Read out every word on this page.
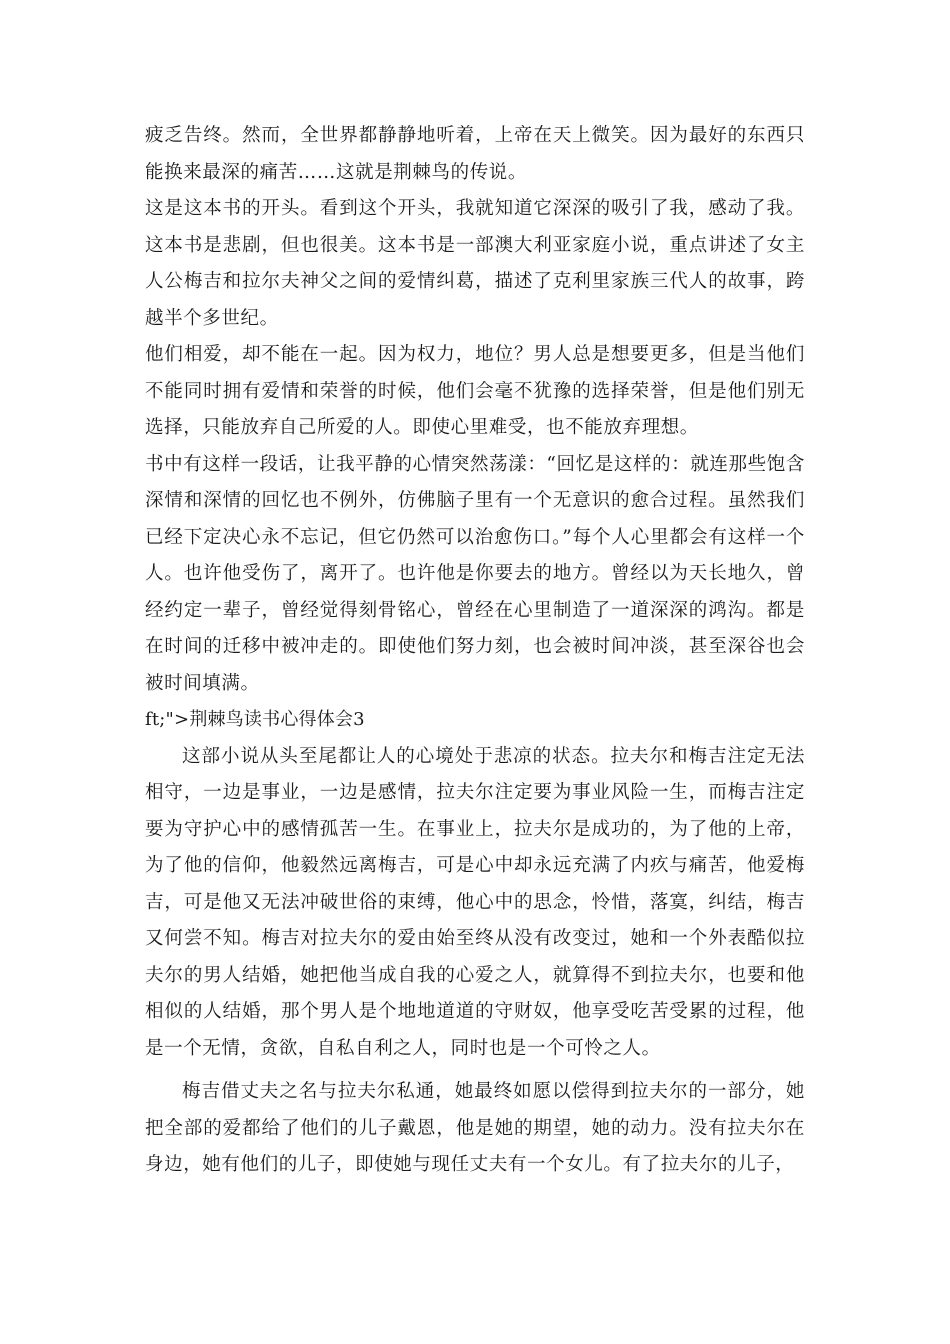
疲乏告终。然而，全世界都静静地听着，上帝在天上微笑。因为最好的东西只能换来最深的痛苦……这就是荆棘鸟的传说。

这是这本书的开头。看到这个开头，我就知道它深深的吸引了我，感动了我。这本书是悲剧，但也很美。这本书是一部澳大利亚家庭小说，重点讲述了女主人公梅吉和拉尔夫神父之间的爱情纠葛，描述了克利里家族三代人的故事，跨越半个多世纪。

他们相爱，却不能在一起。因为权力，地位？男人总是想要更多，但是当他们不能同时拥有爱情和荣誉的时候，他们会毫不犹豫的选择荣誉，但是他们别无选择，只能放弃自己所爱的人。即使心里难受，也不能放弃理想。

书中有这样一段话，让我平静的心情突然荡漾：“回忆是这样的：就连那些饱含深情和深情的回忆也不例外，仿佛脑子里有一个无意识的愈合过程。虽然我们已经下定决心永不忘记，但它仍然可以治愈伤口。”每个人心里都会有这样一个人。也许他受伤了，离开了。也许他是你要去的地方。曾经以为天长地久，曾经约定一辈子，曾经觉得刻骨铭心，曾经在心里制造了一道深深的鸿沟。都是在时间的迁移中被冲走的。即使他们努力刻，也会被时间冲淡，甚至深谷也会被时间填满。

ft;">荆棘鸟读书心得体会3

这部小说从头至尾都让人的心境处于悲凉的状态。拉夫尔和梅吉注定无法相守，一边是事业，一边是感情，拉夫尔注定要为事业风险一生，而梅吉注定要为守护心中的感情孤苦一生。在事业上，拉夫尔是成功的，为了他的上帝，为了他的信仰，他毅然远离梅吉，可是心中却永远充满了内疚与痛苦，他爱梅吉，可是他又无法冲破世俗的束缚，他心中的思念，怜惜，落寞，纠结，梅吉又何尝不知。梅吉对拉夫尔的爱由始至终从没有改变过，她和一个外表酷似拉夫尔的男人结婚，她把他当成自我的心爱之人，就算得不到拉夫尔，也要和他相似的人结婚，那个男人是个地地道道的守财奴，他享受吃苦受累的过程，他是一个无情，贪欲，自私自利之人，同时也是一个可怜之人。

梅吉借丈夫之名与拉夫尔私通，她最终如愿以偿得到拉夫尔的一部分，她把全部的爱都给了他们的儿子戴恩，他是她的期望，她的动力。没有拉夫尔在身边，她有他们的儿子，即使她与现任丈夫有一个女儿。有了拉夫尔的儿子，
